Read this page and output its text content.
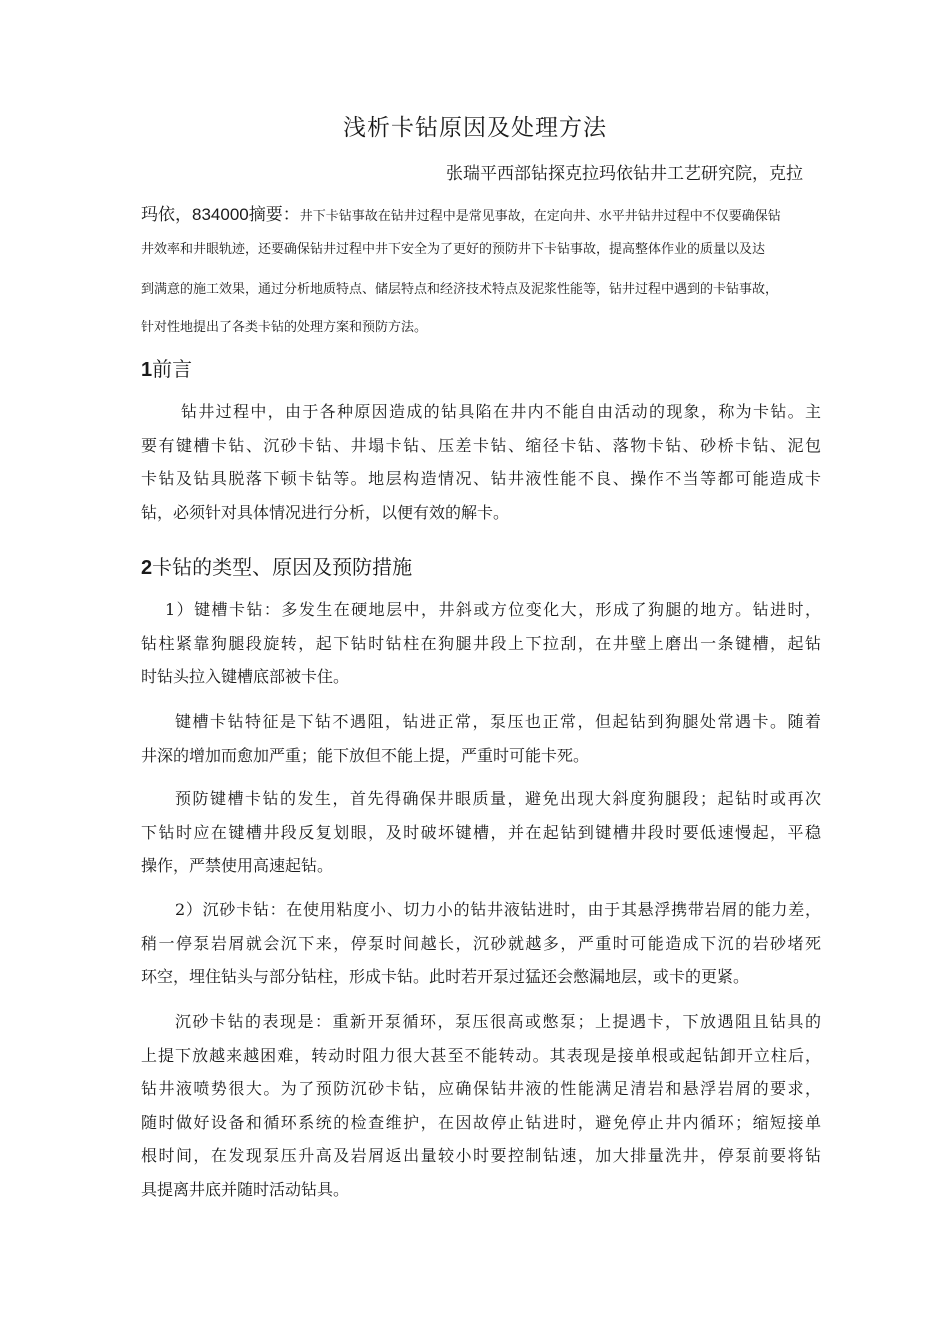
浅析卡钻原因及处理方法
张瑞平西部钻探克拉玛依钻井工艺研究院，克拉
玛依，834000摘要：井下卡钻事故在钻井过程中是常见事故，在定向井、水平井钻井过程中不仅要确保钻
井效率和井眼轨迹，还要确保钻井过程中井下安全为了更好的预防井下卡钻事故，提高整体作业的质量以及达
到满意的施工效果，通过分析地质特点、储层特点和经济技术特点及泥浆性能等，钻井过程中遇到的卡钻事故，
针对性地提出了各类卡钻的处理方案和预防方法。
1前言
钻井过程中，由于各种原因造成的钻具陷在井内不能自由活动的现象，称为卡钻。主
要有键槽卡钻、沉砂卡钻、井塌卡钻、压差卡钻、缩径卡钻、落物卡钻、砂桥卡钻、泥包
卡钻及钻具脱落下顿卡钻等。地层构造情况、钻井液性能不良、操作不当等都可能造成卡
钻，必须针对具体情况进行分析，以便有效的解卡。
2卡钻的类型、原因及预防措施
1）键槽卡钻：多发生在硬地层中，井斜或方位变化大，形成了狗腿的地方。钻进时，
钻柱紧靠狗腿段旋转，起下钻时钻柱在狗腿井段上下拉刮，在井壁上磨出一条键槽，起钻
时钻头拉入键槽底部被卡住。
键槽卡钻特征是下钻不遇阻，钻进正常，泵压也正常，但起钻到狗腿处常遇卡。随着
井深的增加而愈加严重；能下放但不能上提，严重时可能卡死。
预防键槽卡钻的发生，首先得确保井眼质量，避免出现大斜度狗腿段；起钻时或再次
下钻时应在键槽井段反复划眼，及时破坏键槽，并在起钻到键槽井段时要低速慢起，平稳
操作，严禁使用高速起钻。
2）沉砂卡钻：在使用粘度小、切力小的钻井液钻进时，由于其悬浮携带岩屑的能力差，
稍一停泵岩屑就会沉下来，停泵时间越长，沉砂就越多，严重时可能造成下沉的岩砂堵死
环空，埋住钻头与部分钻柱，形成卡钻。此时若开泵过猛还会憋漏地层，或卡的更紧。
沉砂卡钻的表现是：重新开泵循环，泵压很高或憋泵；上提遇卡，下放遇阻且钻具的
上提下放越来越困难，转动时阻力很大甚至不能转动。其表现是接单根或起钻卸开立柱后，
钻井液喷势很大。为了预防沉砂卡钻，应确保钻井液的性能满足清岩和悬浮岩屑的要求，
随时做好设备和循环系统的检查维护，在因故停止钻进时，避免停止井内循环；缩短接单
根时间，在发现泵压升高及岩屑返出量较小时要控制钻速，加大排量洗井，停泵前要将钻
具提离井底并随时活动钻具。
